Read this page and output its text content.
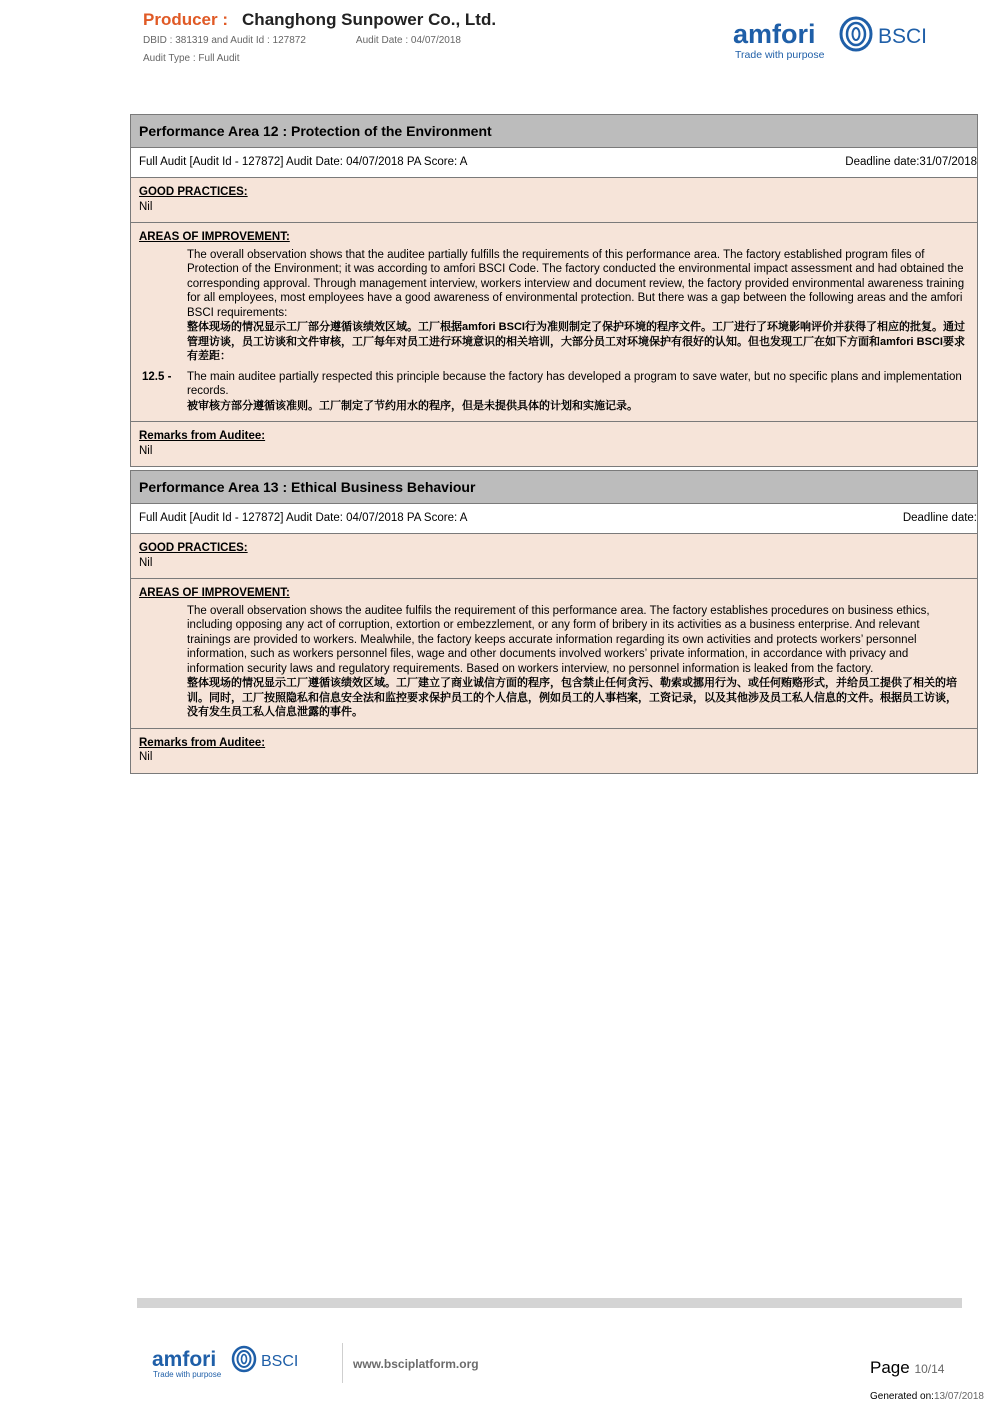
Producer : Changhong Sunpower Co., Ltd.
DBID : 381319 and Audit Id : 127872	Audit Date : 04/07/2018
Audit Type : Full Audit
amfori	BSCI
Trade with purpose
Performance Area 12 : Protection of the Environment
Full Audit [Audit Id - 127872] Audit Date: 04/07/2018 PA Score: A	Deadline date:31/07/2018
GOOD PRACTICES:
Nil
AREAS OF IMPROVEMENT:
The overall observation shows that the auditee partially fulfills the requirements of this performance area. The factory established program files of Protection of the Environment; it was according to amfori BSCI Code. The factory conducted the environmental impact assessment and had obtained the corresponding approval. Through management interview, workers interview and document review, the factory provided environmental awareness training for all employees, most employees have a good awareness of environmental protection. But there was a gap between the following areas and the amfori BSCI requirements:
整体现场的情况显示工厂部分遵循该绩效区域。工厂根据amfori BSCI行为准则制定了保护环境的程序文件。工厂进行了环境影响评价并获得了相应的批复。通过管理访谈，员工访谈和文件审核，工厂每年对员工进行环境意识的相关培训，大部分员工对环境保护有很好的认知。但也发现工厂在如下方面和amfori BSCI要求有差距：
12.5 - The main auditee partially respected this principle because the factory has developed a program to save water, but no specific plans and implementation records.
被审核方部分遵循该准则。工厂制定了节约用水的程序，但是未提供具体的计划和实施记录。
Remarks from Auditee:
Nil
Performance Area 13 : Ethical Business Behaviour
Full Audit [Audit Id - 127872] Audit Date: 04/07/2018 PA Score: A	Deadline date:
GOOD PRACTICES:
Nil
AREAS OF IMPROVEMENT:
The overall observation shows the auditee fulfils the requirement of this performance area. The factory establishes procedures on business ethics, including opposing any act of corruption, extortion or embezzlement, or any form of bribery in its activities as a business enterprise. And relevant trainings are provided to workers. Mealwhile, the factory keeps accurate information regarding its own activities and protects workers’ personnel information, such as workers personnel files, wage and other documents involved workers’ private information, in accordance with privacy and information security laws and regulatory requirements. Based on workers interview, no personnel information is leaked from the factory.
整体现场的情况显示工厂遵循该绩效区域。工厂建立了商业诚信方面的程序，包含禁止任何贪污、勒索或挪用行为、或任何贿赂形式，并给员工提供了相关的培训。同时，工厂按照隐私和信息安全法和监控要求保护员工的个人信息，例如员工的人事档案，工资记录，以及其他涉及员工私人信息的文件。根据员工访谈，没有发生员工私人信息泄露的事件。
Remarks from Auditee:
Nil
amfori	BSCI
Trade with purpose
www.bsciplatform.org	Page 10/14
Generated on:13/07/2018
